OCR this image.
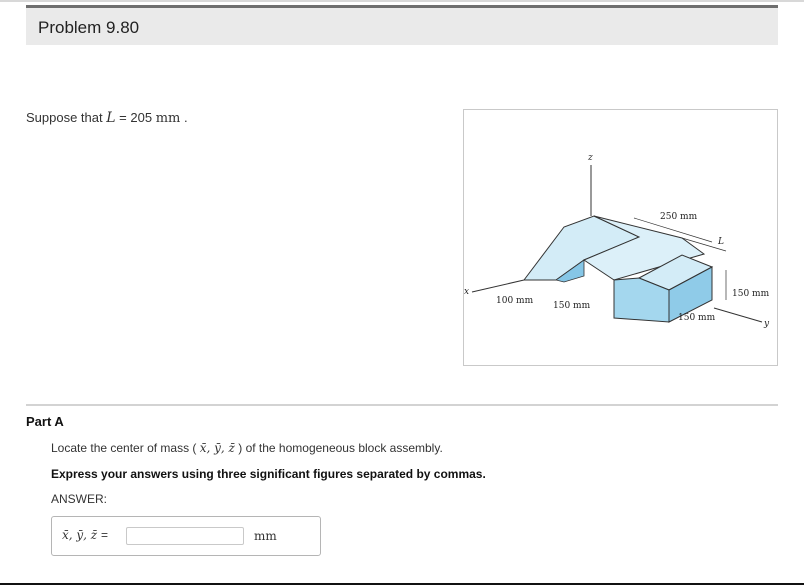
Problem 9.80
Suppose that L = 205 mm .
z
x
y
250 mm
L
150 mm
100 mm 150 mm
150 mm
Part A
Locate the center of mass ( x̄, ȳ, z̄ ) of the homogeneous block assembly.
Express your answers using three significant figures separated by commas.
ANSWER:
x̄, ȳ, z̄ =	mm
